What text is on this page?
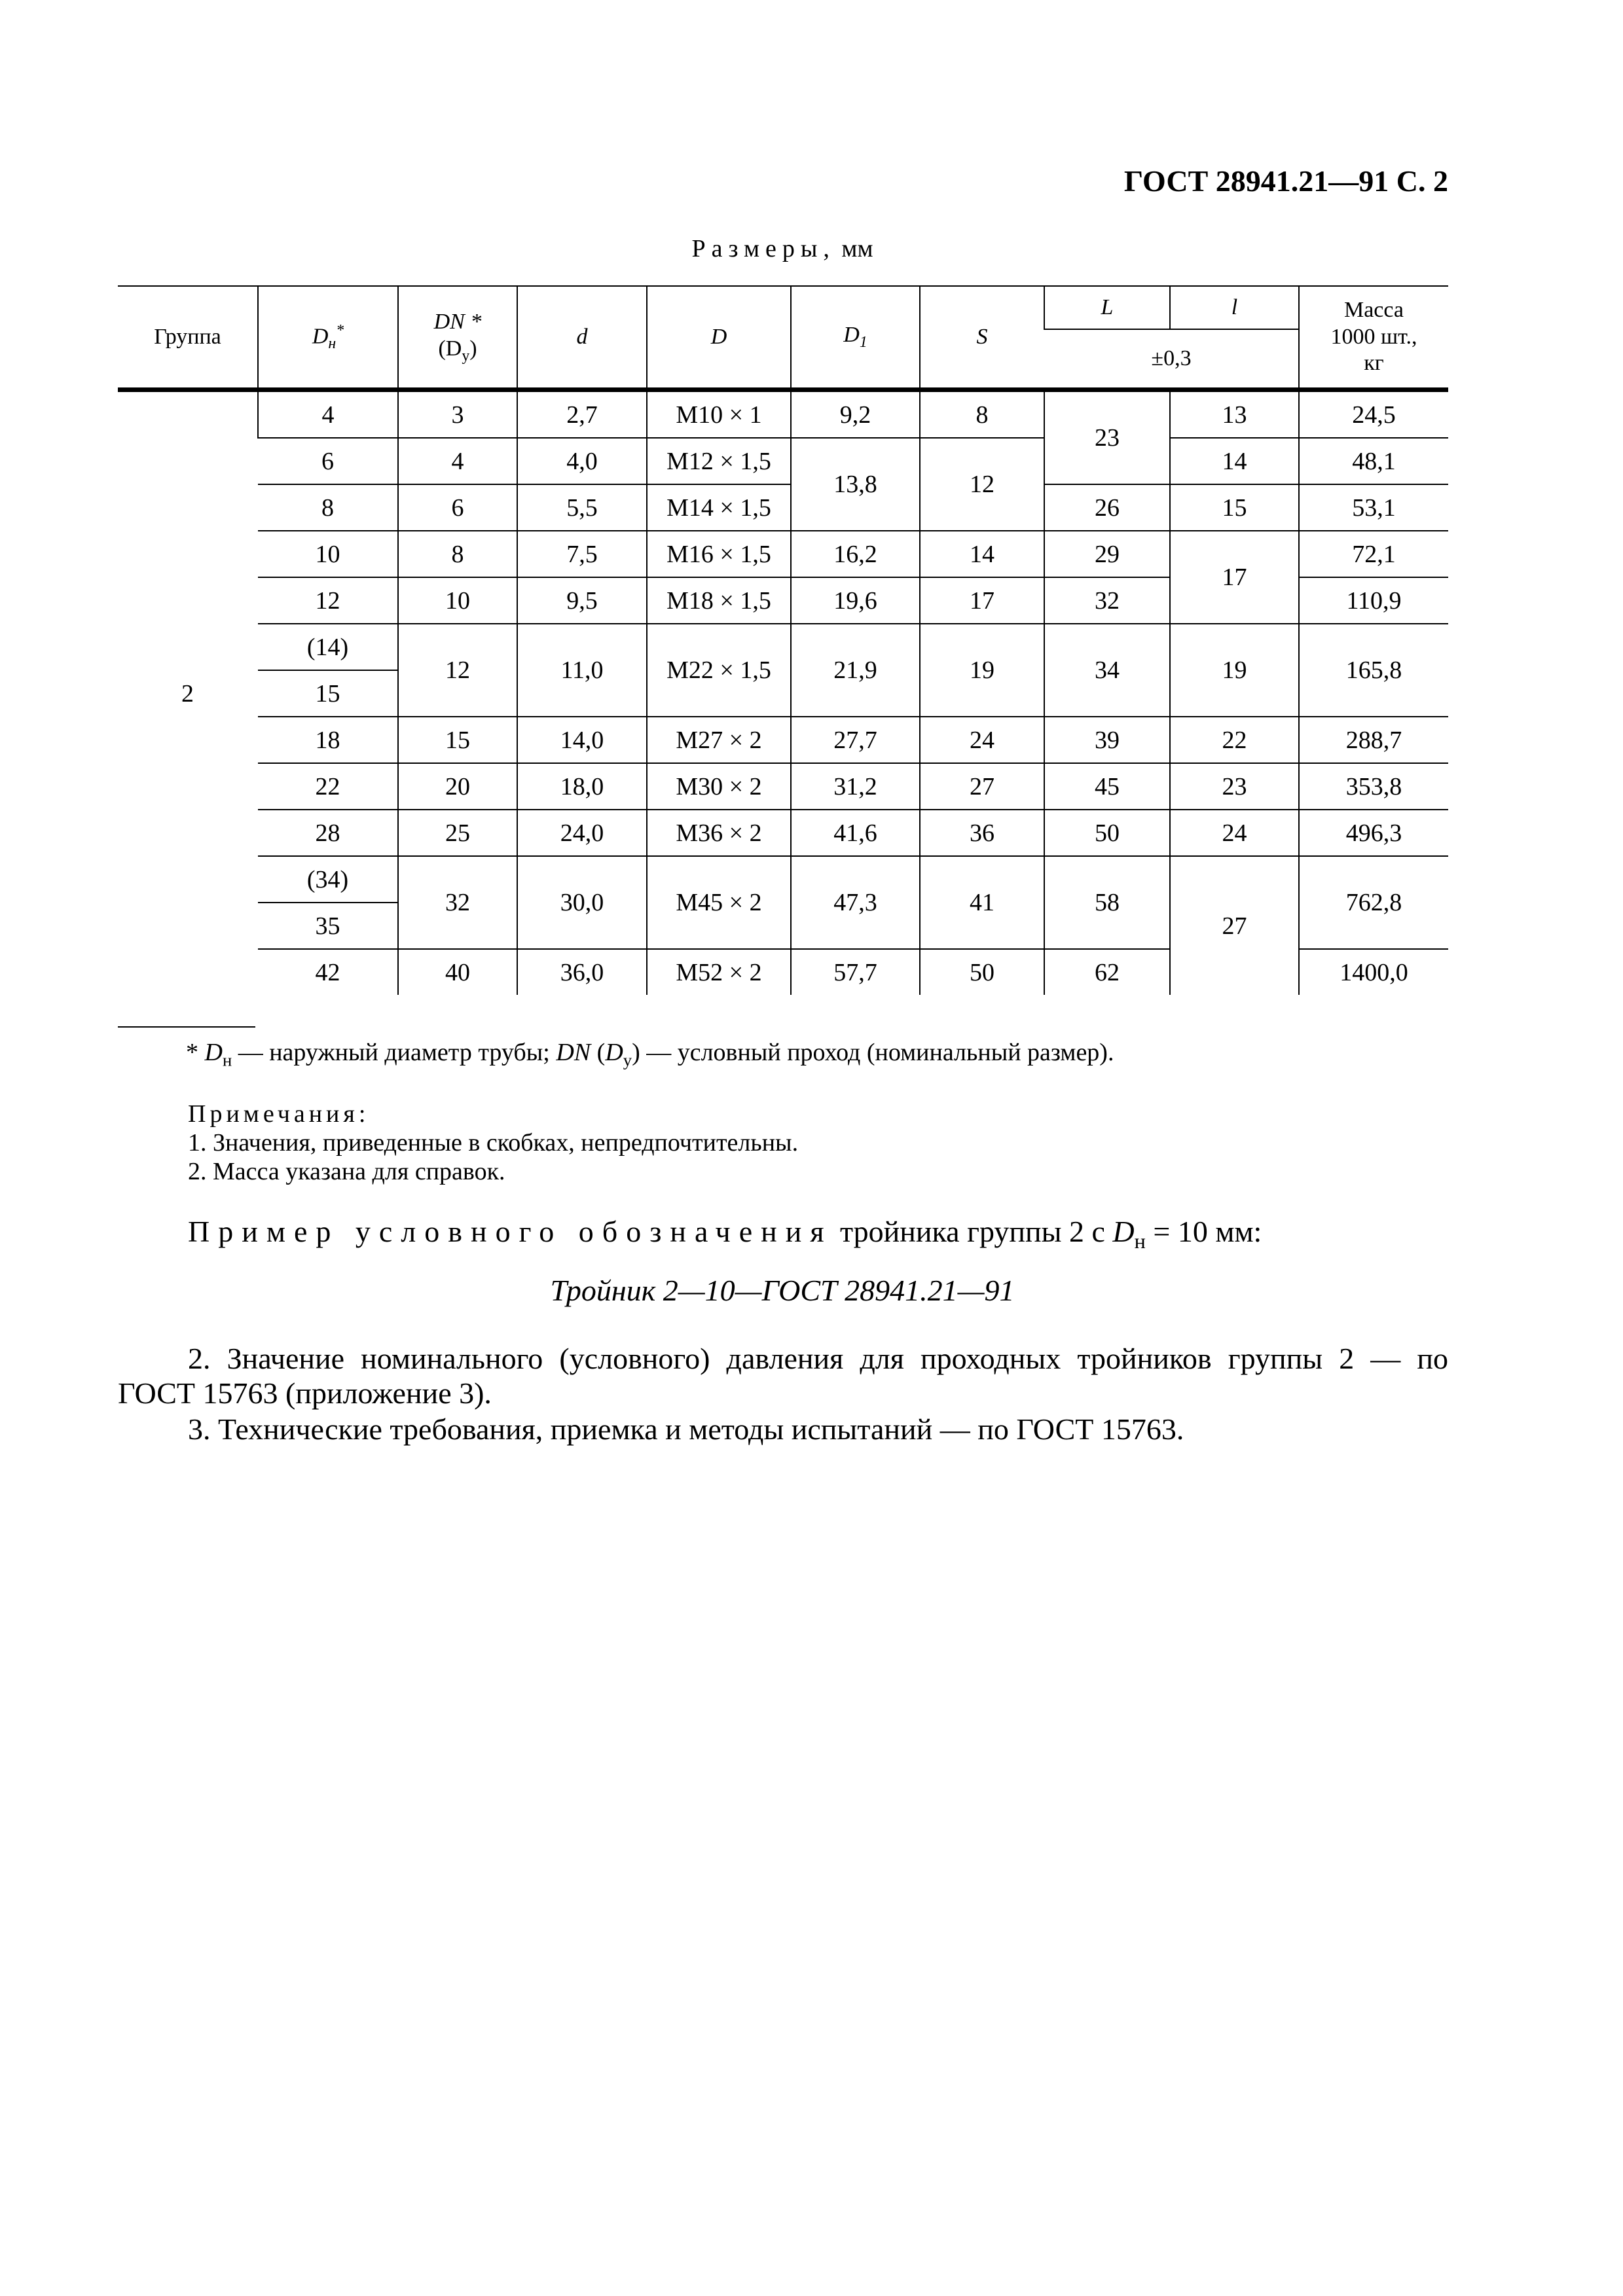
ГОСТ 28941.21—91 С. 2
Размеры, мм
Группа	$D_н^*$	DN *
$(D_у)$	d	D	$D_1$	S	L	l	Масса
1000 шт.,
кг
							±0,3		
2	4	3	2,7	M10 × 1	9,2	8	23	13	24,5
	6	4	4,0	M12 × 1,5	13,8	12		14	48,1
	8	6	5,5	M14 × 1,5			26	15	53,1
	10	8	7,5	M16 × 1,5	16,2	14	29	17	72,1
	12	10	9,5	M18 × 1,5	19,6	17	32		110,9
	(14)	12	11,0	M22 × 1,5	21,9	19	34	19	165,8
	15								
	18	15	14,0	M27 × 2	27,7	24	39	22	288,7
	22	20	18,0	M30 × 2	31,2	27	45	23	353,8
	28	25	24,0	M36 × 2	41,6	36	50	24	496,3
	(34)	32	30,0	M45 × 2	47,3	41	58	27	762,8
	35								
	42	40	36,0	M52 × 2	57,7	50	62		1400,0
* $D_н$ — наружный диаметр трубы; DN $(D_у)$ — условный проход (номинальный размер).
Примечания:
1. Значения, приведенные в скобках, непредпочтительны.
2. Масса указана для справок.
Пример условного обозначения тройника группы 2 с $D_н = 10$ мм:
Тройник 2—10—ГОСТ 28941.21—91
2. Значение номинального (условного) давления для проходных тройников группы 2 — по
ГОСТ 15763 (приложение 3).
3. Технические требования, приемка и методы испытаний — по ГОСТ 15763.
